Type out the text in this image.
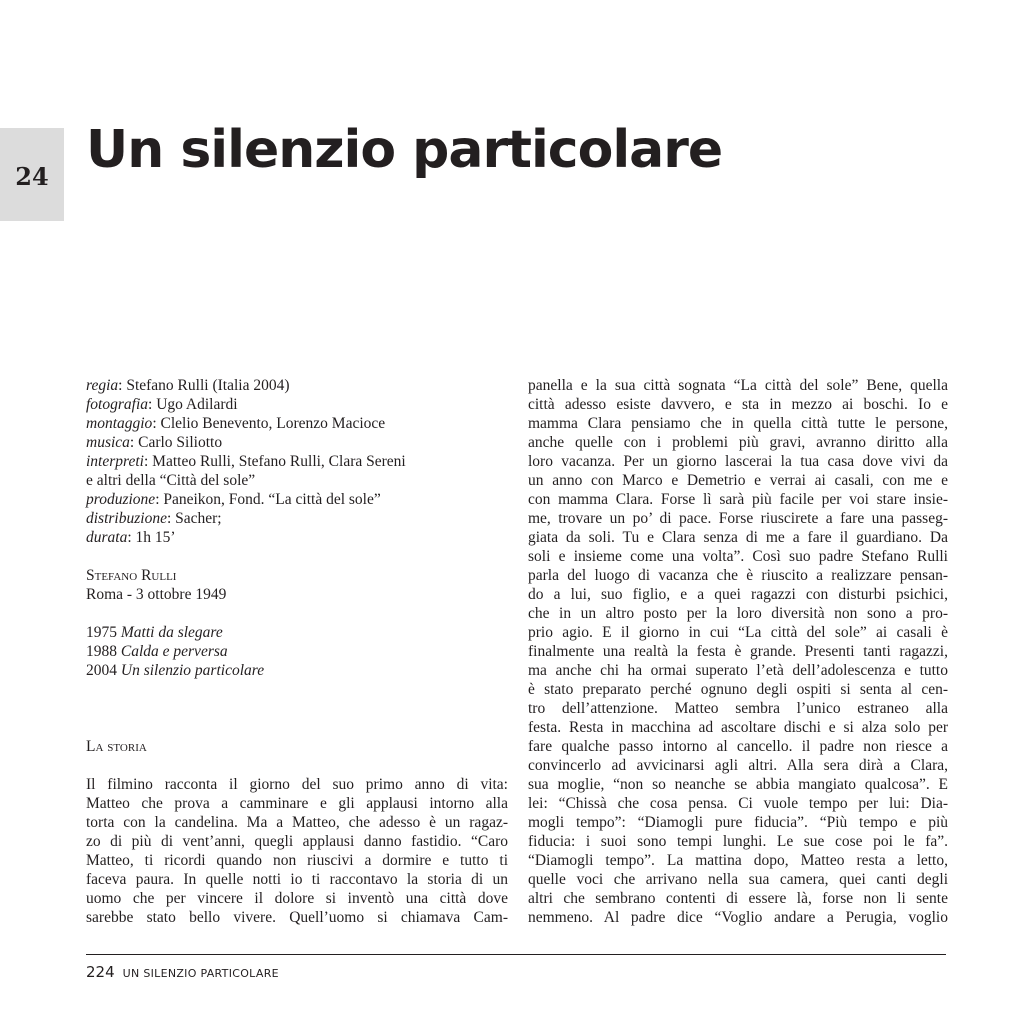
24 Un silenzio particolare
regia: Stefano Rulli (Italia 2004)
fotografia: Ugo Adilardi
montaggio: Clelio Benevento, Lorenzo Macioce
musica: Carlo Siliotto
interpreti: Matteo Rulli, Stefano Rulli, Clara Sereni
e altri della “Città del sole”
produzione: Paneikon, Fond. “La città del sole”
distribuzione: Sacher;
durata: 1h 15’
Stefano Rulli
Roma - 3 ottobre 1949
1975 Matti da slegare
1988 Calda e perversa
2004 Un silenzio particolare
La storia
Il filmino racconta il giorno del suo primo anno di vita:
Matteo che prova a camminare e gli applausi intorno alla
torta con la candelina. Ma a Matteo, che adesso è un ragaz-
zo di più di vent’anni, quegli applausi danno fastidio. “Caro
Matteo, ti ricordi quando non riuscivi a dormire e tutto ti
faceva paura. In quelle notti io ti raccontavo la storia di un
uomo che per vincere il dolore si inventò una città dove
sarebbe stato bello vivere. Quell’uomo si chiamava Cam-
panella e la sua città sognata “La città del sole” Bene, quella
città adesso esiste davvero, e sta in mezzo ai boschi. Io e
mamma Clara pensiamo che in quella città tutte le persone,
anche quelle con i problemi più gravi, avranno diritto alla
loro vacanza. Per un giorno lascerai la tua casa dove vivi da
un anno con Marco e Demetrio e verrai ai casali, con me e
con mamma Clara. Forse lì sarà più facile per voi stare insie-
me, trovare un po’ di pace. Forse riuscirete a fare una passeg-
giata da soli. Tu e Clara senza di me a fare il guardiano. Da
soli e insieme come una volta”. Così suo padre Stefano Rulli
parla del luogo di vacanza che è riuscito a realizzare pensan-
do a lui, suo figlio, e a quei ragazzi con disturbi psichici,
che in un altro posto per la loro diversità non sono a pro-
prio agio. E il giorno in cui “La città del sole” ai casali è
finalmente una realtà la festa è grande. Presenti tanti ragazzi,
ma anche chi ha ormai superato l’età dell’adolescenza e tutto
è stato preparato perché ognuno degli ospiti si senta al cen-
tro dell’attenzione. Matteo sembra l’unico estraneo alla
festa. Resta in macchina ad ascoltare dischi e si alza solo per
fare qualche passo intorno al cancello. il padre non riesce a
convincerlo ad avvicinarsi agli altri. Alla sera dirà a Clara,
sua moglie, “non so neanche se abbia mangiato qualcosa”. E
lei: “Chissà che cosa pensa. Ci vuole tempo per lui: Dia-
mogli tempo”: “Diamogli pure fiducia”. “Più tempo e più
fiducia: i suoi sono tempi lunghi. Le sue cose poi le fa”.
“Diamogli tempo”. La mattina dopo, Matteo resta a letto,
quelle voci che arrivano nella sua camera, quei canti degli
altri che sembrano contenti di essere là, forse non li sente
nemmeno. Al padre dice “Voglio andare a Perugia, voglio
224 UN SILENZIO PARTICOLARE
